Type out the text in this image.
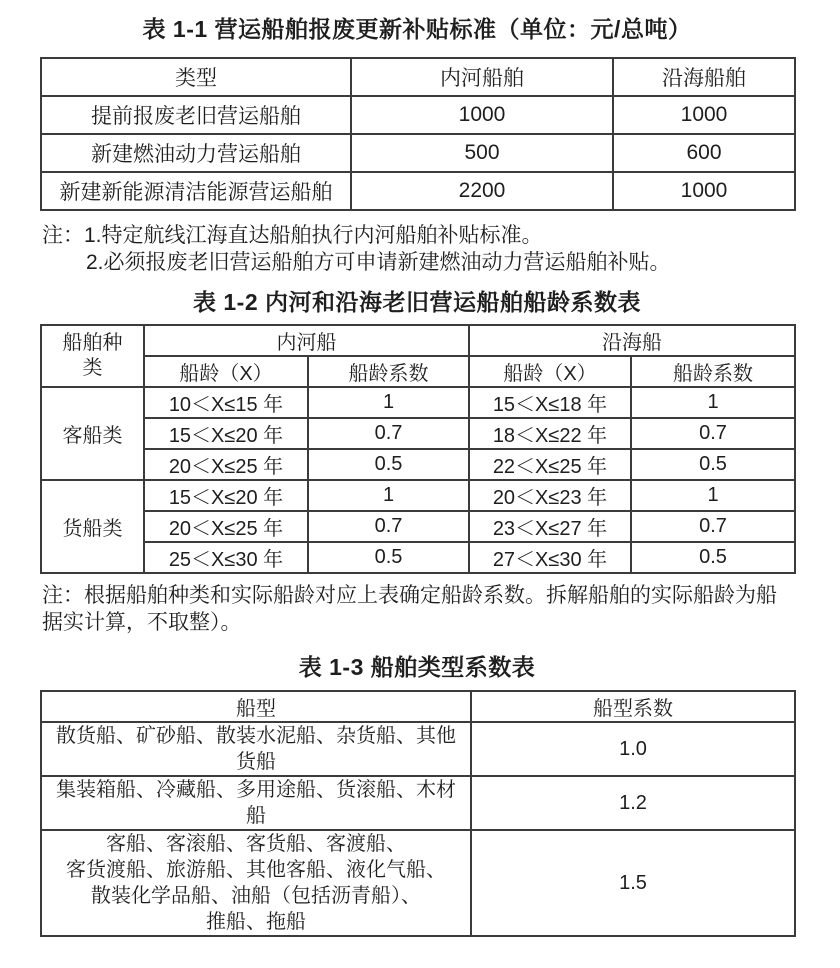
表 1-1 营运船舶报废更新补贴标准（单位：元/总吨）
类型	内河船舶	沿海船舶
提前报废老旧营运船舶	1000	1000
新建燃油动力营运船舶	500	600
新建新能源清洁能源营运船舶	2200	1000
注：1.特定航线江海直达船舶执行内河船舶补贴标准。
2.必须报废老旧营运船舶方可申请新建燃油动力营运船舶补贴。
表 1-2 内河和沿海老旧营运船舶船龄系数表
船舶种类	内河船		沿海船	
	船龄（X）	船龄系数	船龄（X）	船龄系数
客船类	10＜X≤15 年	1	15＜X≤18 年	1
	15＜X≤20 年	0.7	18＜X≤22 年	0.7
	20＜X≤25 年	0.5	22＜X≤25 年	0.5
货船类	15＜X≤20 年	1	20＜X≤23 年	1
	20＜X≤25 年	0.7	23＜X≤27 年	0.7
	25＜X≤30 年	0.5	27＜X≤30 年	0.5
注：根据船舶种类和实际船龄对应上表确定船龄系数。拆解船舶的实际船龄为船
据实计算，不取整）。
表 1-3 船舶类型系数表
船型	船型系数

散货船、矿砂船、散装水泥船、杂货船、其他
货船	1.0

集装箱船、冷藏船、多用途船、货滚船、木材
船	1.2

客船、客滚船、客货船、客渡船、
客货渡船、旅游船、其他客船、液化气船、
散装化学品船、油船（包括沥青船）、
推船、拖船	1.5
